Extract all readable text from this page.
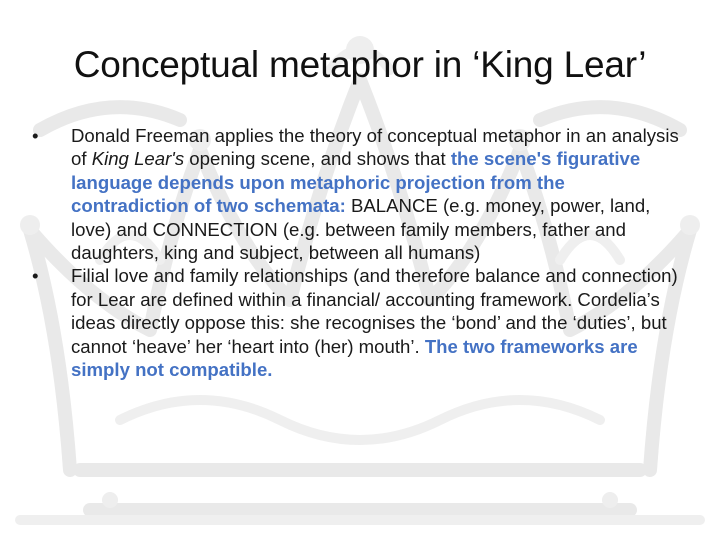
Conceptual metaphor in ‘King Lear’
•	Donald Freeman applies the theory of conceptual metaphor in an analysis of King Lear's opening scene, and shows that the scene's figurative language depends upon metaphoric projection from the contradiction of two schemata: BALANCE (e.g. money, power, land, love) and CONNECTION (e.g. between family members, father and daughters, king and subject, between all humans)
•	Filial love and family relationships (and therefore balance and connection) for Lear are defined within a financial/ accounting framework. Cordelia’s ideas directly oppose this: she recognises the ‘bond’ and the ‘duties’, but cannot ‘heave’ her ‘heart into (her) mouth’. The two frameworks are simply not compatible.
